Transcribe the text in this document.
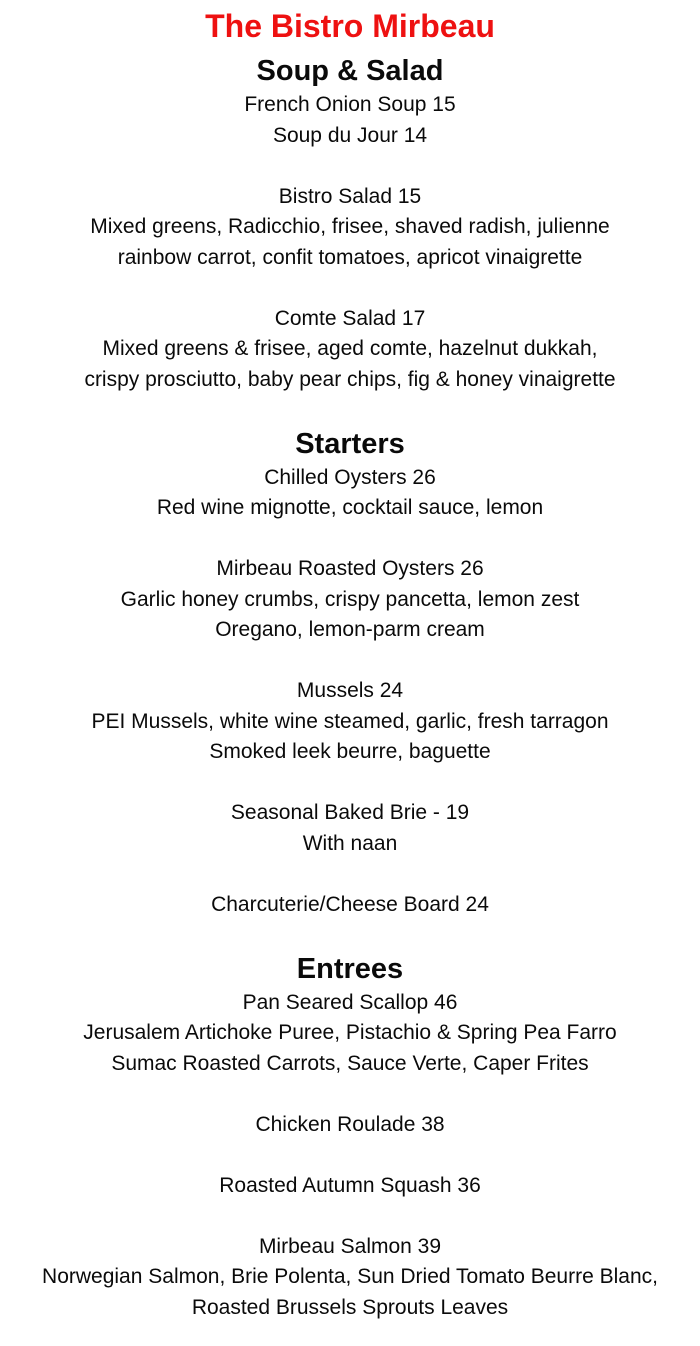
The Bistro Mirbeau
Soup & Salad
French Onion Soup 15
Soup du Jour 14
Bistro Salad 15
Mixed greens, Radicchio, frisee, shaved radish, julienne
rainbow carrot, confit tomatoes, apricot vinaigrette
Comte Salad 17
Mixed greens & frisee, aged comte, hazelnut dukkah,
crispy prosciutto, baby pear chips, fig & honey vinaigrette
Starters
Chilled Oysters 26
Red wine mignotte, cocktail sauce, lemon
Mirbeau Roasted Oysters 26
Garlic honey crumbs, crispy pancetta, lemon zest
Oregano, lemon-parm cream
Mussels 24
PEI Mussels, white wine steamed, garlic, fresh tarragon
Smoked leek beurre, baguette
Seasonal Baked Brie - 19
With naan
Charcuterie/Cheese Board 24
Entrees
Pan Seared Scallop 46
Jerusalem Artichoke Puree, Pistachio & Spring Pea Farro
Sumac Roasted Carrots, Sauce Verte, Caper Frites
Chicken Roulade 38
Roasted Autumn Squash 36
Mirbeau Salmon 39
Norwegian Salmon, Brie Polenta, Sun Dried Tomato Beurre Blanc,
Roasted Brussels Sprouts Leaves
